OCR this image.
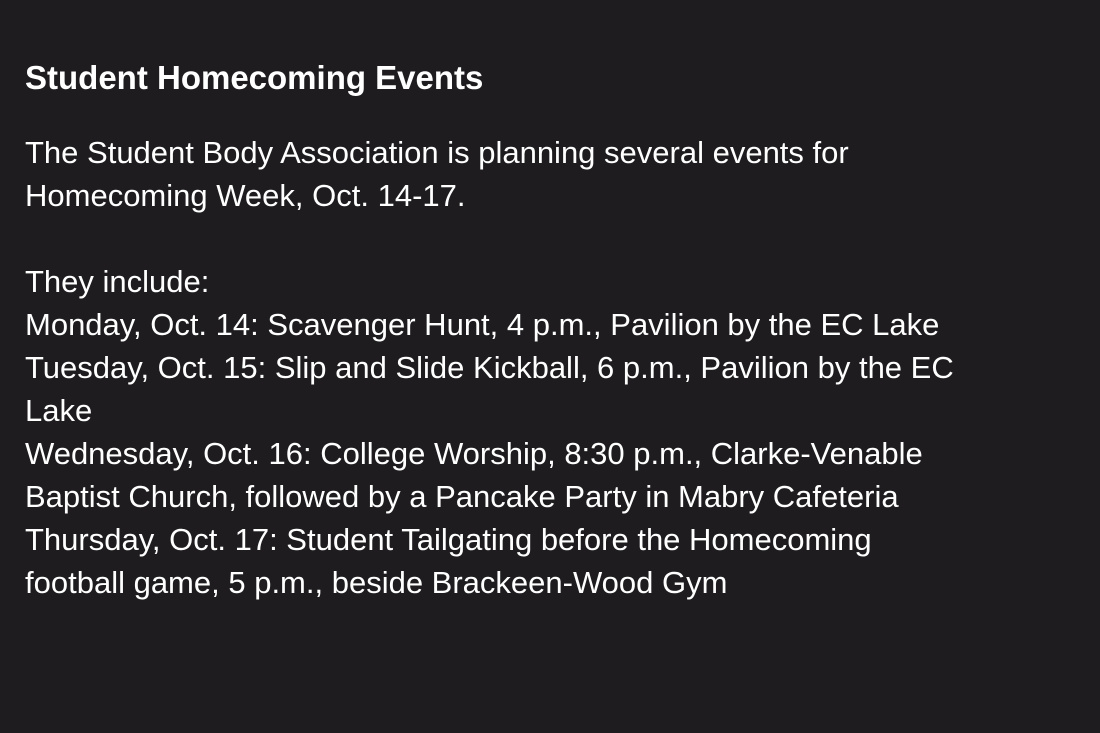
Student Homecoming Events

The Student Body Association is planning several events for
Homecoming Week, Oct. 14-17.

They include:
Monday, Oct. 14: Scavenger Hunt, 4 p.m., Pavilion by the EC Lake
Tuesday, Oct. 15: Slip and Slide Kickball, 6 p.m., Pavilion by the EC
Lake
Wednesday, Oct. 16: College Worship, 8:30 p.m., Clarke-Venable
Baptist Church, followed by a Pancake Party in Mabry Cafeteria
Thursday, Oct. 17: Student Tailgating before the Homecoming
football game, 5 p.m., beside Brackeen-Wood Gym
